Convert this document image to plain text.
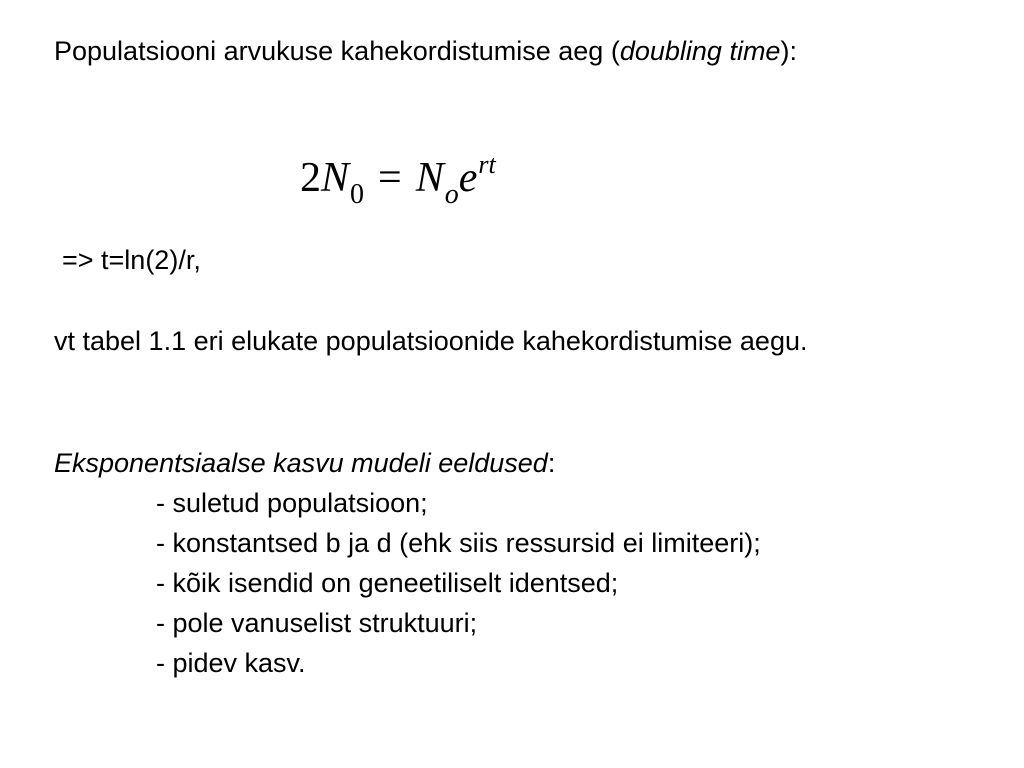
Populatsiooni arvukuse kahekordistumise aeg (doubling time):

$2N_0 = N_oe^{rt}$

=> t=ln(2)/r,

vt tabel 1.1 eri elukate populatsioonide kahekordistumise aegu.

Eksponentsiaalse kasvu mudeli eeldused:

- suletud populatsioon;
- konstantsed b ja d (ehk siis ressursid ei limiteeri);
- kõik isendid on geneetiliselt identsed;
- pole vanuselist struktuuri;
- pidev kasv.
